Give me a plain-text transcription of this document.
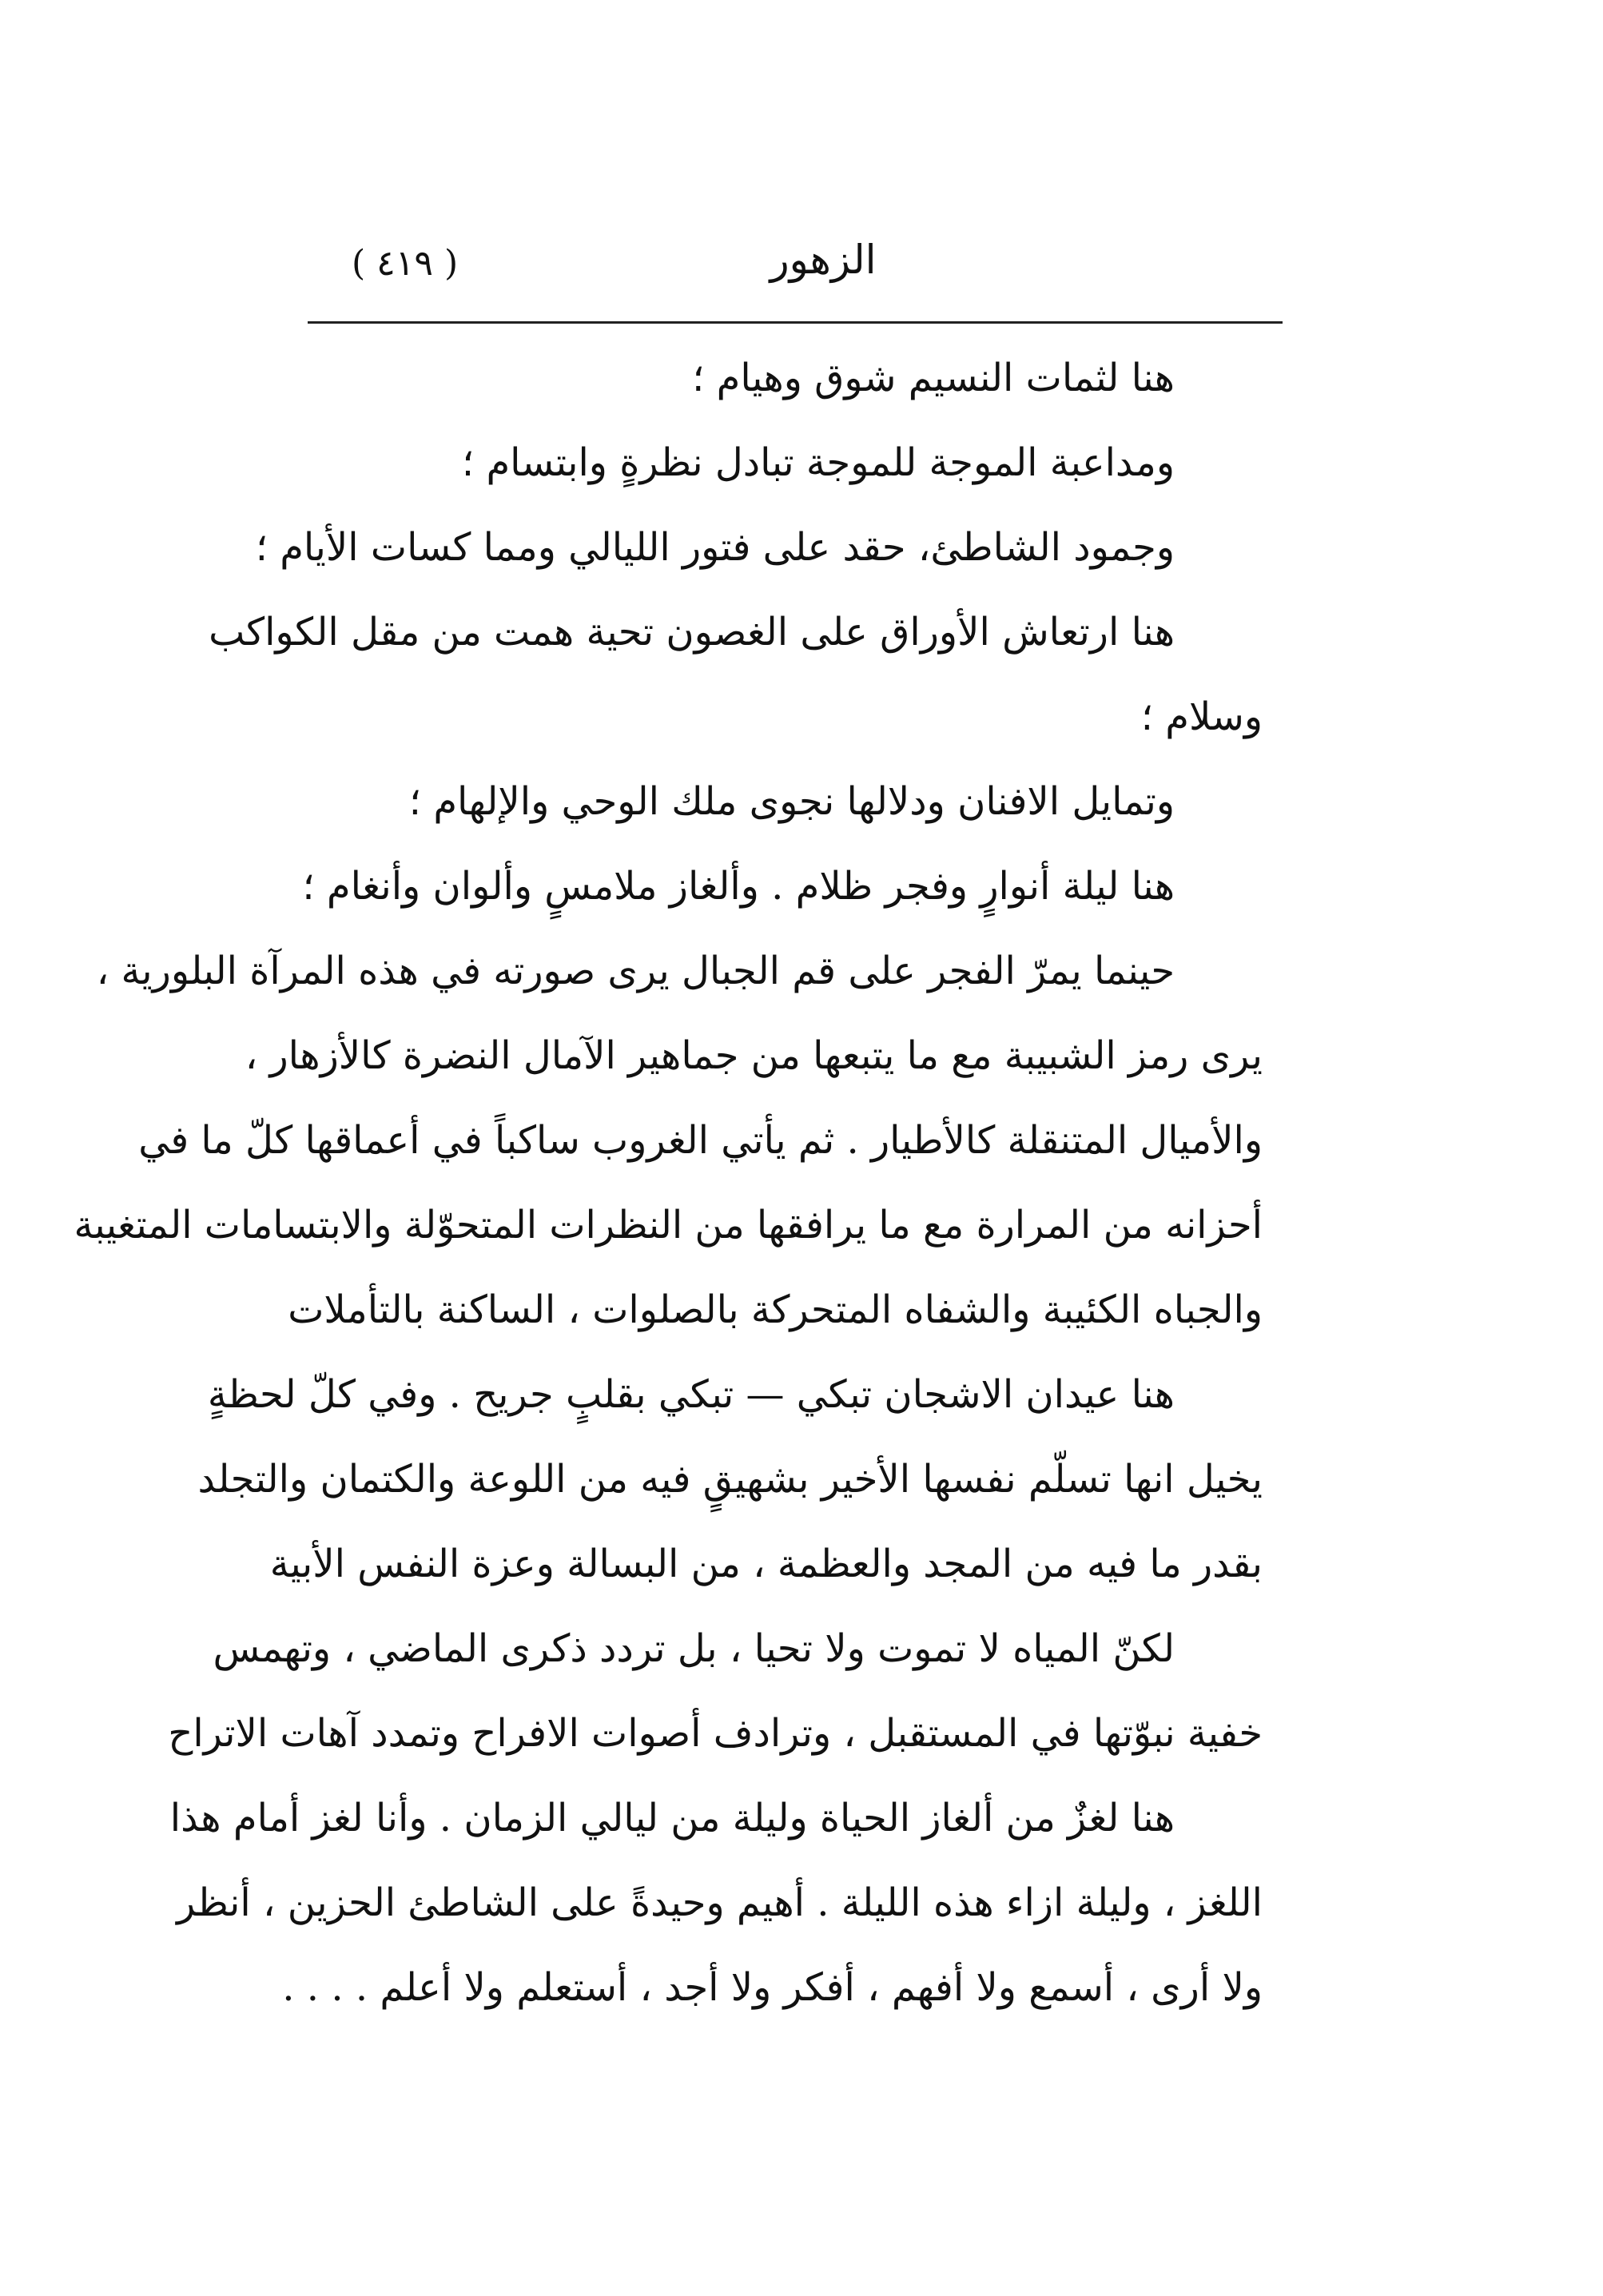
( ٤١٩ )	الزهور
هنا لثمات النسيم شوق وهيام ؛
ومداعبة الموجة للموجة تبادل نظرةٍ وابتسام ؛
وجمود الشاطئ، حقد على فتور الليالي ومما كسات الأيام ؛
هنا ارتعاش الأوراق على الغصون تحية همت من مقل الكواكب
وسلام ؛
وتمايل الافنان ودلالها نجوى ملك الوحي والإلهام ؛
هنا ليلة أنوارٍ وفجر ظلام . وألغاز ملامسٍ وألوان وأنغام ؛
حينما يمرّ الفجر على قم الجبال يرى صورته في هذه المرآة البلورية ،
يرى رمز الشبيبة مع ما يتبعها من جماهير الآمال النضرة كالأزهار ،
والأميال المتنقلة كالأطيار . ثم يأتي الغروب ساكباً في أعماقها كلّ ما في
أحزانه من المرارة مع ما يرافقها من النظرات المتحوّلة والابتسامات المتغيبة
والجباه الكئيبة والشفاه المتحركة بالصلوات ، الساكنة بالتأملات
هنا عيدان الاشجان تبكي — تبكي بقلبٍ جريح . وفي كلّ لحظةٍ
يخيل انها تسلّم نفسها الأخير بشهيقٍ فيه من اللوعة والكتمان والتجلد
بقدر ما فيه من المجد والعظمة ، من البسالة وعزة النفس الأبية
لكنّ المياه لا تموت ولا تحيا ، بل تردد ذكرى الماضي ، وتهمس
خفية نبوّتها في المستقبل ، وترادف أصوات الافراح وتمدد آهات الاتراح
هنا لغزٌ من ألغاز الحياة وليلة من ليالي الزمان . وأنا لغز أمام هذا
اللغز ، وليلة ازاء هذه الليلة . أهيم وحيدةً على الشاطئ الحزين ، أنظر
ولا أرى ، أسمع ولا أفهم ، أفكر ولا أجد ، أستعلم ولا أعلم . . . .
